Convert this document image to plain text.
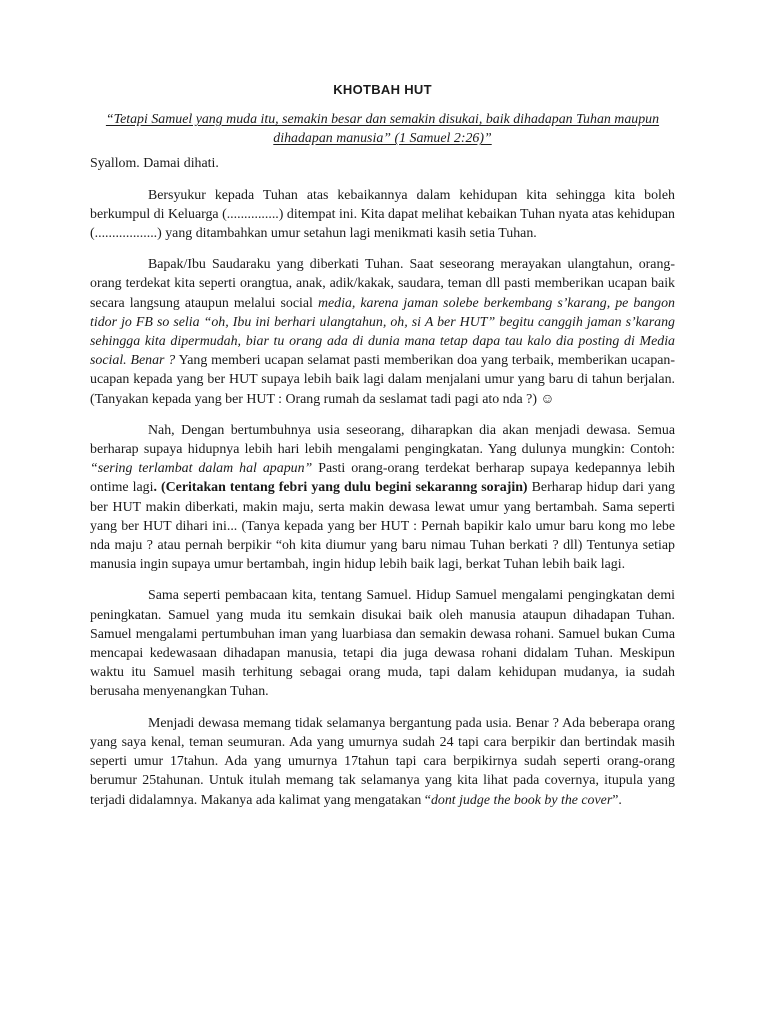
KHOTBAH HUT

“Tetapi Samuel yang muda itu, semakin besar dan semakin disukai, baik dihadapan Tuhan maupun dihadapan manusia” (1 Samuel 2:26)”

Syallom. Damai dihati.

Bersyukur kepada Tuhan atas kebaikannya dalam kehidupan kita sehingga kita boleh berkumpul di Keluarga (...............) ditempat ini. Kita dapat melihat kebaikan Tuhan nyata atas kehidupan (..................) yang ditambahkan umur setahun lagi menikmati kasih setia Tuhan.

Bapak/Ibu Saudaraku yang diberkati Tuhan. Saat seseorang merayakan ulangtahun, orang-orang terdekat kita seperti orangtua, anak, adik/kakak, saudara, teman dll pasti memberikan ucapan baik secara langsung ataupun melalui social media, karena jaman solebe berkembang s’karang, pe bangon tidor jo FB so selia “oh, Ibu ini berhari ulangtahun, oh, si A ber HUT” begitu canggih jaman s’karang sehingga kita dipermudah, biar tu orang ada di dunia mana tetap dapa tau kalo dia posting di Media social. Benar ? Yang memberi ucapan selamat pasti memberikan doa yang terbaik, memberikan ucapan-ucapan kepada yang ber HUT supaya lebih baik lagi dalam menjalani umur yang baru di tahun berjalan. (Tanyakan kepada yang ber HUT : Orang rumah da seslamat tadi pagi ato nda ?) ☺

Nah, Dengan bertumbuhnya usia seseorang, diharapkan dia akan menjadi dewasa. Semua berharap supaya hidupnya lebih hari lebih mengalami pengingkatan. Yang dulunya mungkin: Contoh: “sering terlambat dalam hal apapun” Pasti orang-orang terdekat berharap supaya kedepannya lebih ontime lagi. (Ceritakan tentang febri yang dulu begini sekaranng sorajin) Berharap hidup dari yang ber HUT makin diberkati, makin maju, serta makin dewasa lewat umur yang bertambah. Sama seperti yang ber HUT dihari ini... (Tanya kepada yang ber HUT : Pernah bapikir kalo umur baru kong mo lebe nda maju ? atau pernah berpikir “oh kita diumur yang baru nimau Tuhan berkati ? dll) Tentunya setiap manusia ingin supaya umur bertambah, ingin hidup lebih baik lagi, berkat Tuhan lebih baik lagi.

Sama seperti pembacaan kita, tentang Samuel. Hidup Samuel mengalami pengingkatan demi peningkatan. Samuel yang muda itu semkain disukai baik oleh manusia ataupun dihadapan Tuhan. Samuel mengalami pertumbuhan iman yang luarbiasa dan semakin dewasa rohani. Samuel bukan Cuma mencapai kedewasaan dihadapan manusia, tetapi dia juga dewasa rohani didalam Tuhan. Meskipun waktu itu Samuel masih terhitung sebagai orang muda, tapi dalam kehidupan mudanya, ia sudah berusaha menyenangkan Tuhan.

Menjadi dewasa memang tidak selamanya bergantung pada usia. Benar ? Ada beberapa orang yang saya kenal, teman seumuran. Ada yang umurnya sudah 24 tapi cara berpikir dan bertindak masih seperti umur 17tahun. Ada yang umurnya 17tahun tapi cara berpikirnya sudah seperti orang-orang berumur 25tahunan. Untuk itulah memang tak selamanya yang kita lihat pada covernya, itupula yang terjadi didalamnya. Makanya ada kalimat yang mengatakan “dont judge the book by the cover”.
